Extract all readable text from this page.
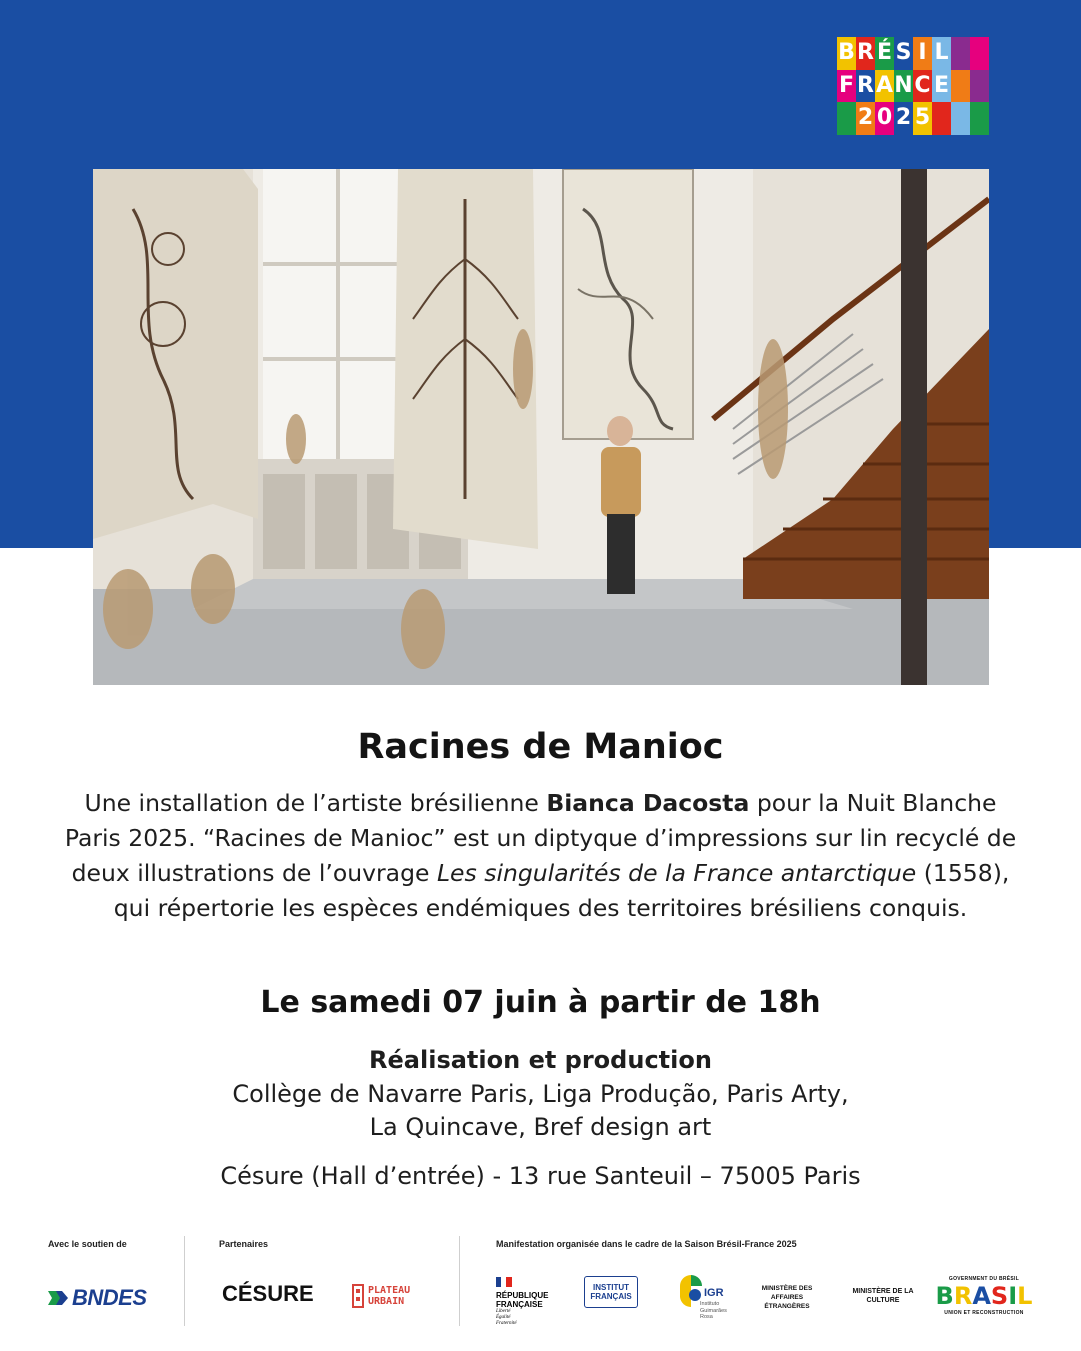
B R É S I L
F R A N C E
2 0 2 5
Racines de Manioc

Une installation de l’artiste brésilienne Bianca Dacosta pour la Nuit Blanche Paris 2025. “Racines de Manioc” est un diptyque d’impressions sur lin recyclé de deux illustrations de l’ouvrage Les singularités de la France antarctique (1558), qui répertorie les espèces endémiques des territoires brésiliens conquis.

Le samedi 07 juin à partir de 18h
Réalisation et production
Collège de Navarre Paris, Liga Produção, Paris Arty,
La Quincave, Bref design art
Césure (Hall d’entrée) - 13 rue Santeuil – 75005 Paris
Avec le soutien de	Partenaires	Manifestation organisée dans le cadre de la Saison Brésil-France 2025
BNDES	CÉSURE	PLATEAU
URBAIN
RÉPUBLIQUE
FRANÇAISE
Liberté
Égalité
Fraternité
INSTITUT
FRANÇAIS	IGR
Instituto
Guimarães
Rosa
MINISTÈRE DES
AFFAIRES
ÉTRANGÈRES
MINISTÈRE DE LA
CULTURE
GOVERNMENT DU BRÉSIL
B R A S I L
UNION ET RECONSTRUCTION
